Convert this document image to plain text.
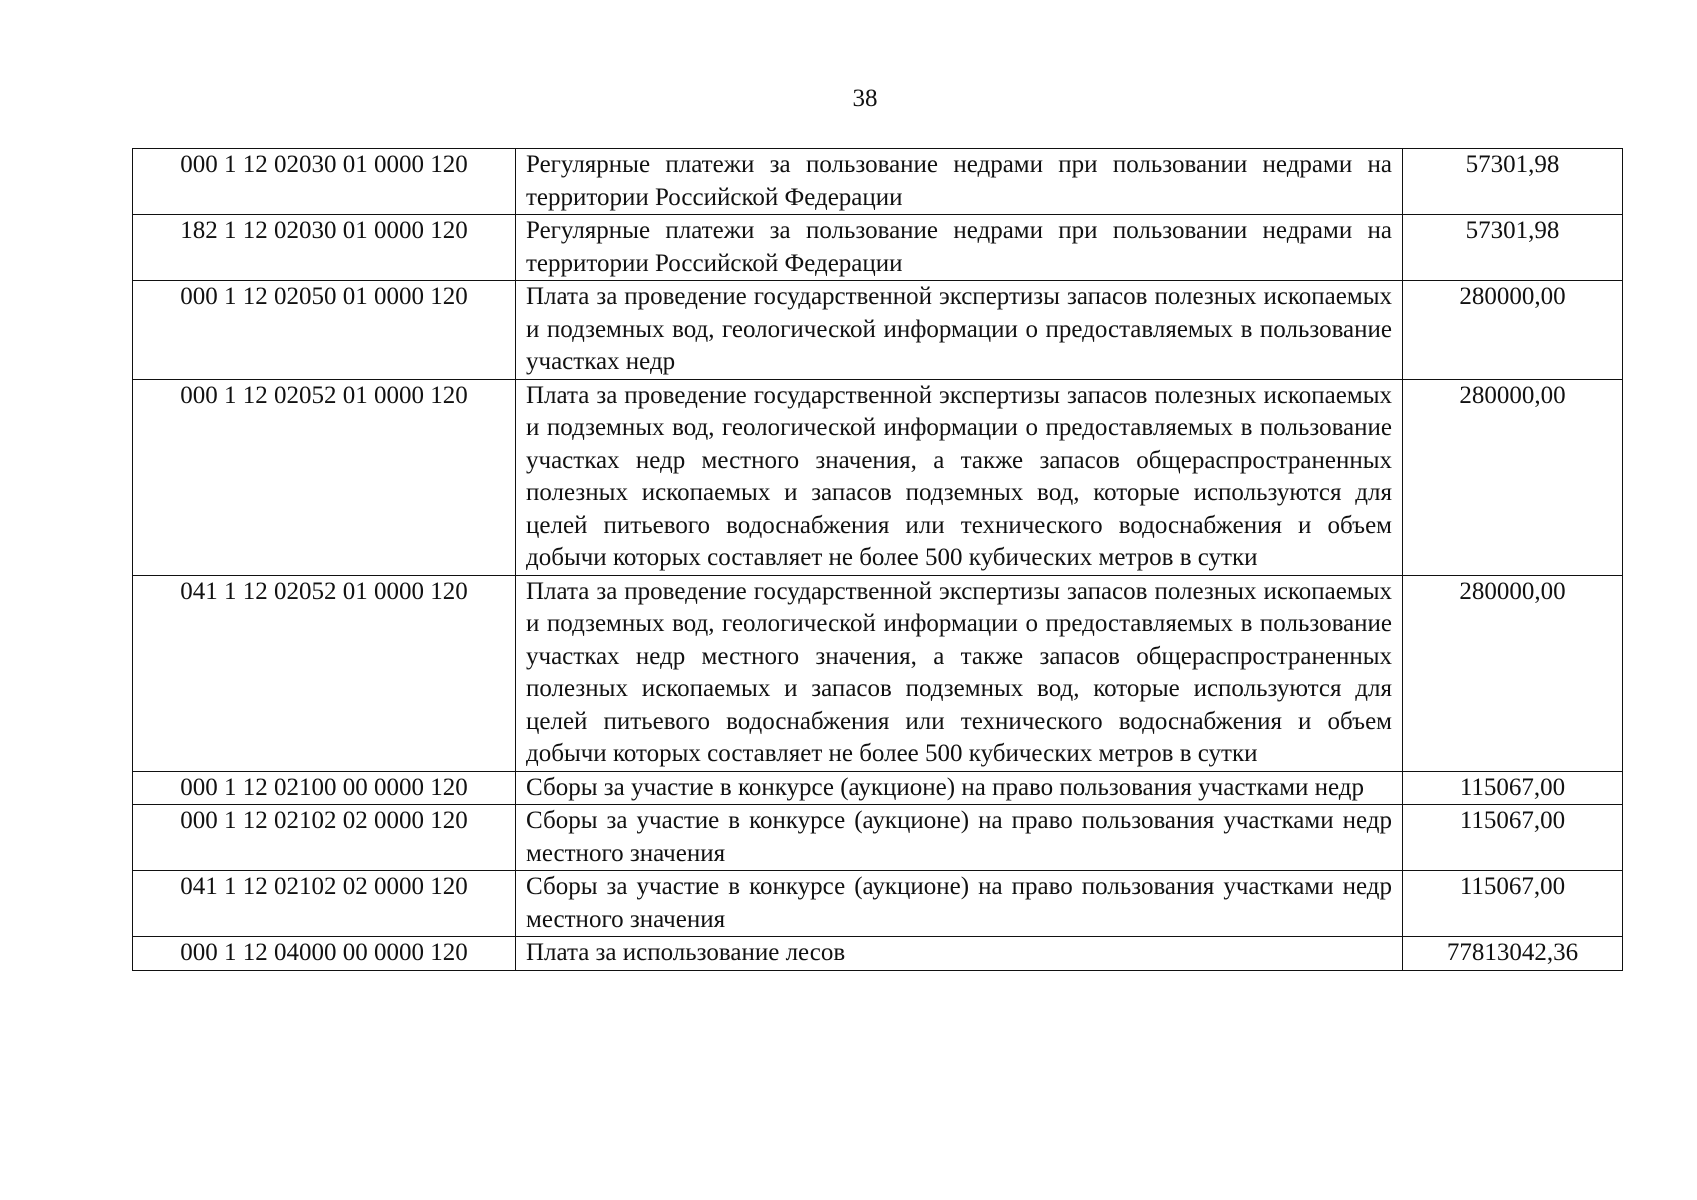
38
000 1 12 02030 01 0000 120	Регулярные платежи за пользование недрами при пользовании недрами на территории Российской Федерации	57301,98
182 1 12 02030 01 0000 120	Регулярные платежи за пользование недрами при пользовании недрами на территории Российской Федерации	57301,98
000 1 12 02050 01 0000 120	Плата за проведение государственной экспертизы запасов полезных ископаемых и подземных вод, геологической информации о предоставляемых в пользование участках недр	280000,00
000 1 12 02052 01 0000 120	Плата за проведение государственной экспертизы запасов полезных ископаемых и подземных вод, геологической информации о предоставляемых в пользование участках недр местного значения, а также запасов общераспространенных полезных ископаемых и запасов подземных вод, которые используются для целей питьевого водоснабжения или технического водоснабжения и объем добычи которых составляет не более 500 кубических метров в сутки	280000,00
041 1 12 02052 01 0000 120	Плата за проведение государственной экспертизы запасов полезных ископаемых и подземных вод, геологической информации о предоставляемых в пользование участках недр местного значения, а также запасов общераспространенных полезных ископаемых и запасов подземных вод, которые используются для целей питьевого водоснабжения или технического водоснабжения и объем добычи которых составляет не более 500 кубических метров в сутки	280000,00
000 1 12 02100 00 0000 120	Сборы за участие в конкурсе (аукционе) на право пользования участками недр	115067,00
000 1 12 02102 02 0000 120	Сборы за участие в конкурсе (аукционе) на право пользования участками недр местного значения	115067,00
041 1 12 02102 02 0000 120	Сборы за участие в конкурсе (аукционе) на право пользования участками недр местного значения	115067,00
000 1 12 04000 00 0000 120	Плата за использование лесов	77813042,36
